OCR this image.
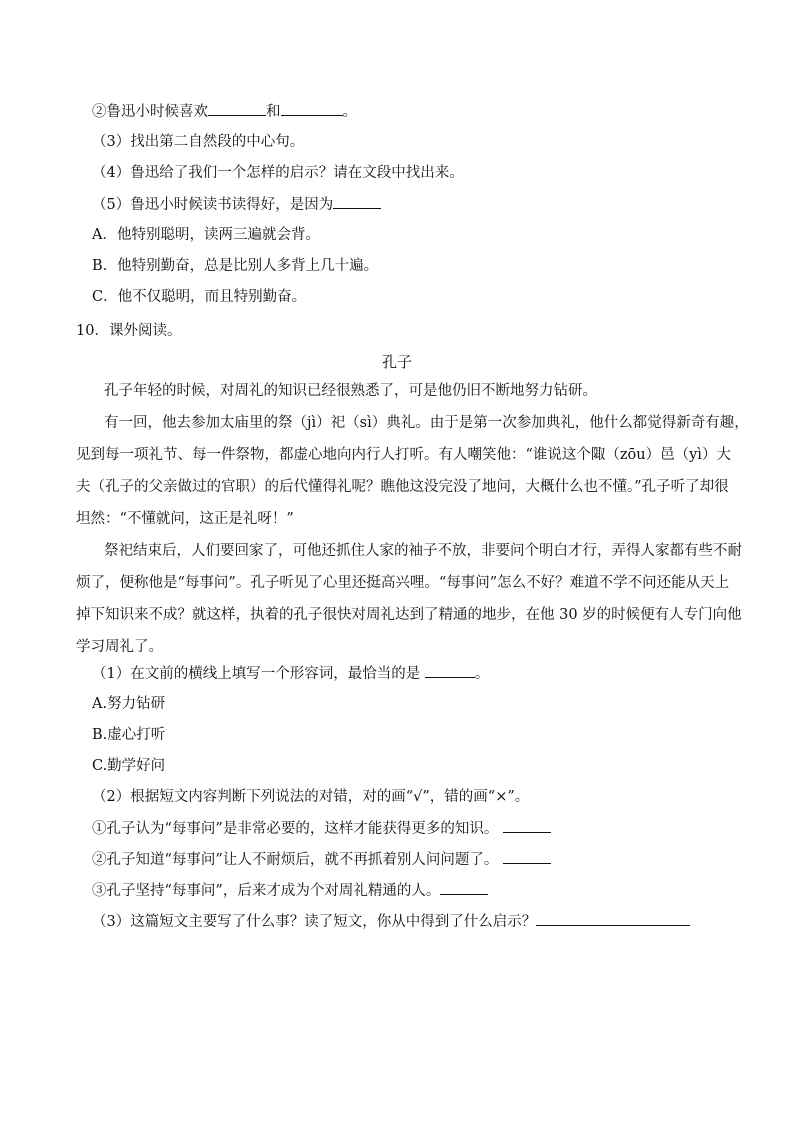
②鲁迅小时候喜欢	和	。
（3）找出第二自然段的中心句。
（4）鲁迅给了我们一个怎样的启示？请在文段中找出来。
（5）鲁迅小时候读书读得好，是因为
A．他特别聪明，读两三遍就会背。
B．他特别勤奋，总是比别人多背上几十遍。
C．他不仅聪明，而且特别勤奋。
10．课外阅读。
孔子
孔子年轻的时候，对周礼的知识已经很熟悉了，可是他仍旧不断地努力钻研。
有一回，他去参加太庙里的祭（jì）祀（sì）典礼。由于是第一次参加典礼，他什么都觉得新奇有趣，
见到每一项礼节、每一件祭物，都虚心地向内行人打听。有人嘲笑他：“谁说这个陬（zōu）邑（yì）大
夫（孔子的父亲做过的官职）的后代懂得礼呢？瞧他这没完没了地问，大概什么也不懂。”孔子听了却很
坦然：“不懂就问，这正是礼呀！”
祭祀结束后，人们要回家了，可他还抓住人家的袖子不放，非要问个明白才行，弄得人家都有些不耐
烦了，便称他是“每事问”。孔子听见了心里还挺高兴哩。“每事问”怎么不好？难道不学不问还能从天上
掉下知识来不成？就这样，执着的孔子很快对周礼达到了精通的地步，在他 30 岁的时候便有人专门向他
学习周礼了。
（1）在文前的横线上填写一个形容词，最恰当的是	。
A.努力钻研
B.虚心打听
C.勤学好问
（2）根据短文内容判断下列说法的对错，对的画“√”，错的画“×”。
①孔子认为“每事问”是非常必要的，这样才能获得更多的知识。
②孔子知道“每事问”让人不耐烦后，就不再抓着别人问问题了。
③孔子坚持“每事问”，后来才成为个对周礼精通的人。
（3）这篇短文主要写了什么事？读了短文，你从中得到了什么启示？
